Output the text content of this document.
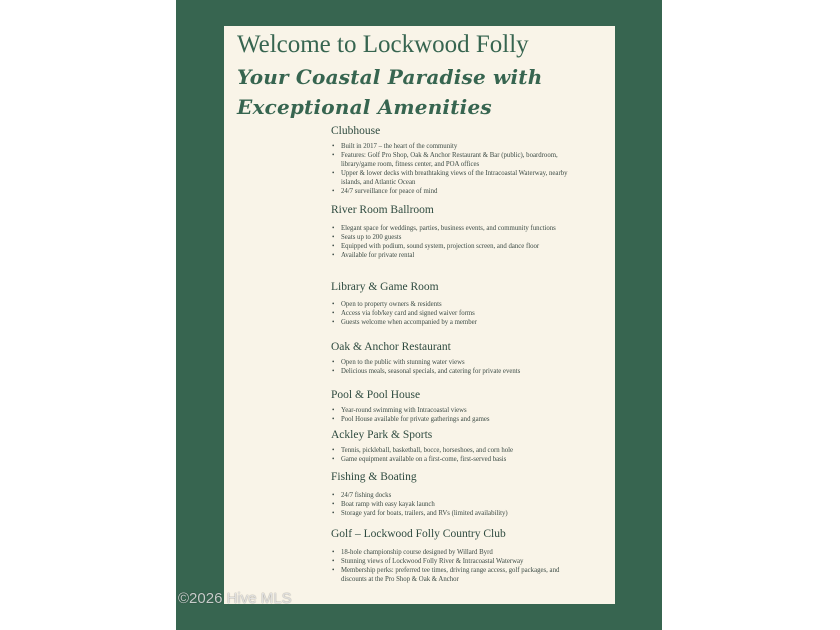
Welcome to Lockwood Folly
Your Coastal Paradise with Exceptional Amenities
Clubhouse
• Built in 2017 – the heart of the community
• Features: Golf Pro Shop, Oak & Anchor Restaurant & Bar (public), boardroom, library/game room, fitness center, and POA offices
• Upper & lower decks with breathtaking views of the Intracoastal Waterway, nearby islands, and Atlantic Ocean
• 24/7 surveillance for peace of mind
River Room Ballroom
• Elegant space for weddings, parties, business events, and community functions
• Seats up to 200 guests
• Equipped with podium, sound system, projection screen, and dance floor
• Available for private rental
Library & Game Room
• Open to property owners & residents
• Access via fob/key card and signed waiver forms
• Guests welcome when accompanied by a member
Oak & Anchor Restaurant
• Open to the public with stunning water views
• Delicious meals, seasonal specials, and catering for private events
Pool & Pool House
• Year-round swimming with Intracoastal views
• Pool House available for private gatherings and games
Ackley Park & Sports
• Tennis, pickleball, basketball, bocce, horseshoes, and corn hole
• Game equipment available on a first-come, first-served basis
Fishing & Boating
• 24/7 fishing docks
• Boat ramp with easy kayak launch
• Storage yard for boats, trailers, and RVs (limited availability)
Golf – Lockwood Folly Country Club
• 18-hole championship course designed by Willard Byrd
• Stunning views of Lockwood Folly River & Intracoastal Waterway
• Membership perks: preferred tee times, driving range access, golf packages, and discounts at the Pro Shop & Oak & Anchor
©2026 Hive MLS
